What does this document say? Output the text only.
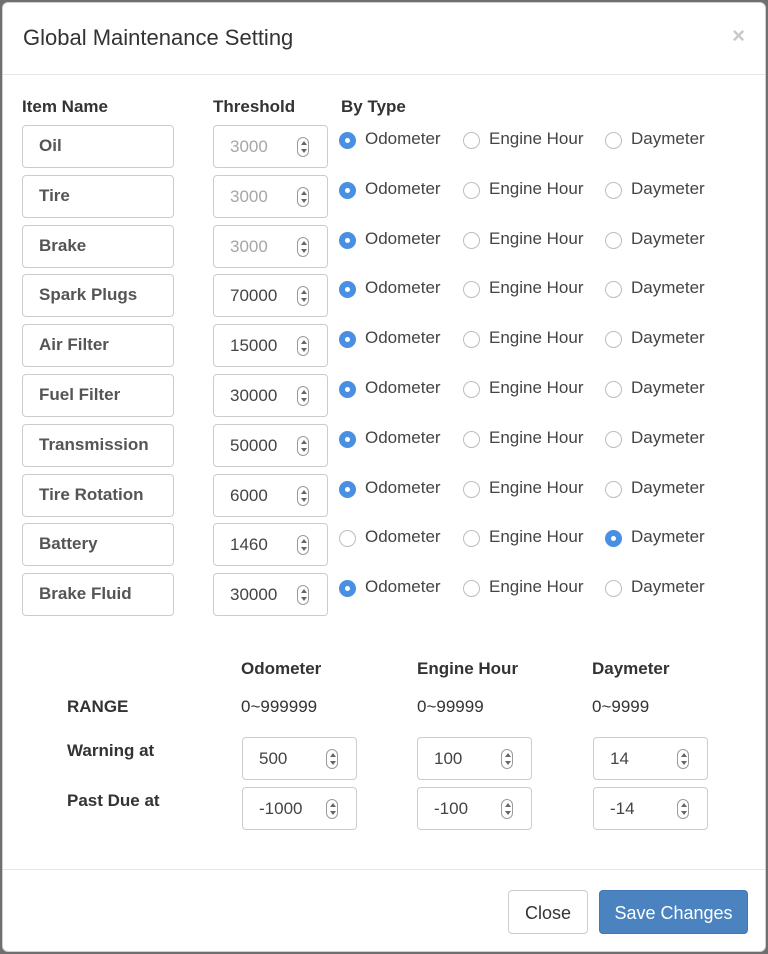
Global Maintenance Setting	×
Item Name	Threshold	By Type
Oil	3000	Odometer	Engine Hour	Daymeter
Tire	3000	Odometer	Engine Hour	Daymeter
Brake	3000	Odometer	Engine Hour	Daymeter
Spark Plugs	70000	Odometer	Engine Hour	Daymeter
Air Filter	15000	Odometer	Engine Hour	Daymeter
Fuel Filter	30000	Odometer	Engine Hour	Daymeter
Transmission	50000	Odometer	Engine Hour	Daymeter
Tire Rotation	6000	Odometer	Engine Hour	Daymeter
Battery	1460	Odometer	Engine Hour	Daymeter
Brake Fluid	30000	Odometer	Engine Hour	Daymeter
Odometer	Engine Hour	Daymeter
RANGE	0~999999	0~99999	0~9999
Warning at	500	100	14
Past Due at	-1000	-100	-14
Close	Save Changes
